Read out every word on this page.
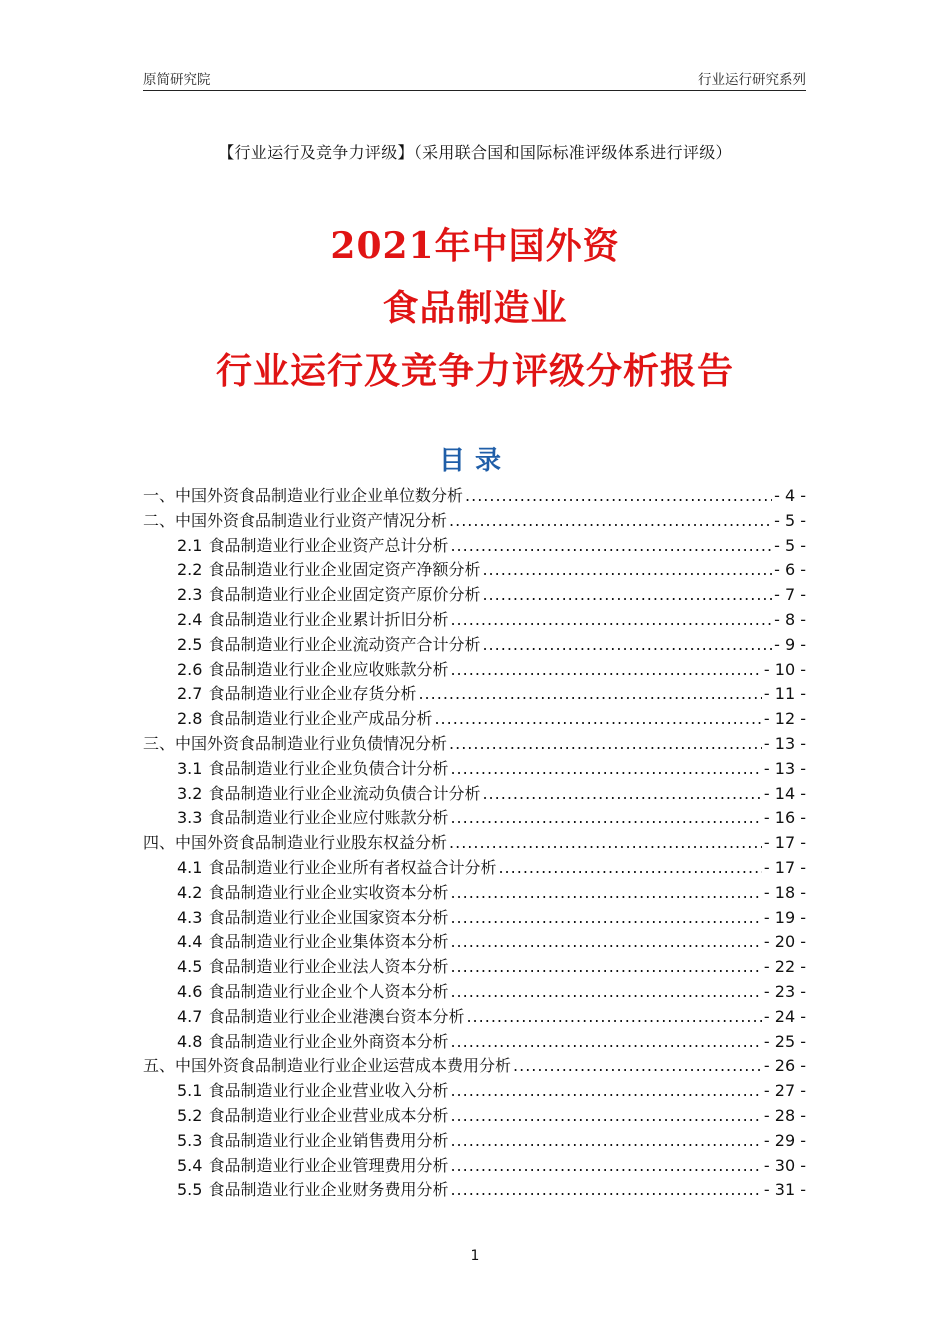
原简研究院	行业运行研究系列
【行业运行及竞争力评级】（采用联合国和国际标准评级体系进行评级）
2021年中国外资
食品制造业
行业运行及竞争力评级分析报告
目录
一、中国外资食品制造业行业企业单位数分析 .....	- 4 -
二、中国外资食品制造业行业资产情况分析 .....	- 5 -
2.1 食品制造业行业企业资产总计分析 .....	- 5 -
2.2 食品制造业行业企业固定资产净额分析 .....	- 6 -
2.3 食品制造业行业企业固定资产原价分析 .....	- 7 -
2.4 食品制造业行业企业累计折旧分析 .....	- 8 -
2.5 食品制造业行业企业流动资产合计分析 .....	- 9 -
2.6 食品制造业行业企业应收账款分析 .....	- 10 -
2.7 食品制造业行业企业存货分析 .....	- 11 -
2.8 食品制造业行业企业产成品分析 .....	- 12 -
三、中国外资食品制造业行业负债情况分析 .....	- 13 -
3.1 食品制造业行业企业负债合计分析 .....	- 13 -
3.2 食品制造业行业企业流动负债合计分析 .....	- 14 -
3.3 食品制造业行业企业应付账款分析 .....	- 16 -
四、中国外资食品制造业行业股东权益分析 .....	- 17 -
4.1 食品制造业行业企业所有者权益合计分析 .....	- 17 -
4.2 食品制造业行业企业实收资本分析 .....	- 18 -
4.3 食品制造业行业企业国家资本分析 .....	- 19 -
4.4 食品制造业行业企业集体资本分析 .....	- 20 -
4.5 食品制造业行业企业法人资本分析 .....	- 22 -
4.6 食品制造业行业企业个人资本分析 .....	- 23 -
4.7 食品制造业行业企业港澳台资本分析 .....	- 24 -
4.8 食品制造业行业企业外商资本分析 .....	- 25 -
五、中国外资食品制造业行业企业运营成本费用分析 .....	- 26 -
5.1 食品制造业行业企业营业收入分析 .....	- 27 -
5.2 食品制造业行业企业营业成本分析 .....	- 28 -
5.3 食品制造业行业企业销售费用分析 .....	- 29 -
5.4 食品制造业行业企业管理费用分析 .....	- 30 -
5.5 食品制造业行业企业财务费用分析 .....	- 31 -
1
